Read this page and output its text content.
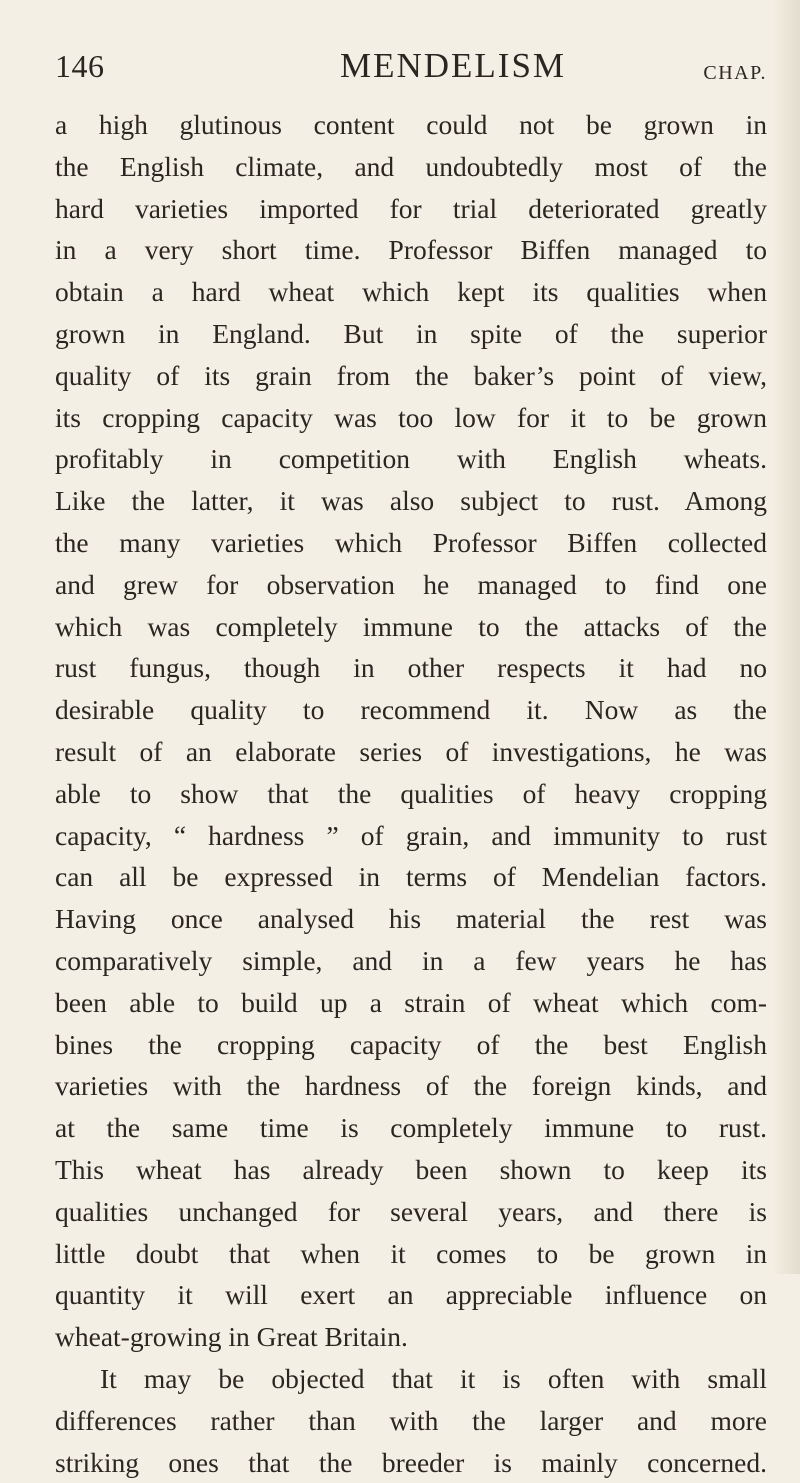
146	MENDELISM	CHAP.
a high glutinous content could not be grown in
the English climate, and undoubtedly most of the
hard varieties imported for trial deteriorated greatly
in a very short time. Professor Biffen managed to
obtain a hard wheat which kept its qualities when
grown in England. But in spite of the superior
quality of its grain from the baker’s point of view,
its cropping capacity was too low for it to be grown
profitably in competition with English wheats.
Like the latter, it was also subject to rust. Among
the many varieties which Professor Biffen collected
and grew for observation he managed to find one
which was completely immune to the attacks of the
rust fungus, though in other respects it had no
desirable quality to recommend it. Now as the
result of an elaborate series of investigations, he was
able to show that the qualities of heavy cropping
capacity, “ hardness ” of grain, and immunity to rust
can all be expressed in terms of Mendelian factors.
Having once analysed his material the rest was
comparatively simple, and in a few years he has
been able to build up a strain of wheat which com-
bines the cropping capacity of the best English
varieties with the hardness of the foreign kinds, and
at the same time is completely immune to rust.
This wheat has already been shown to keep its
qualities unchanged for several years, and there is
little doubt that when it comes to be grown in
quantity it will exert an appreciable influence on
wheat-growing in Great Britain.
It may be objected that it is often with small
differences rather than with the larger and more
striking ones that the breeder is mainly concerned.
